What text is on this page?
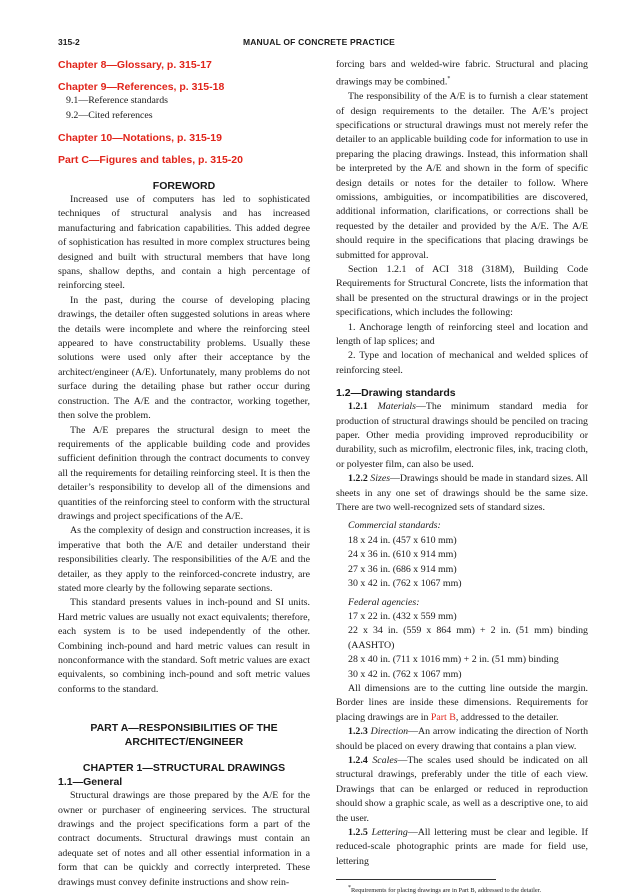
315-2	MANUAL OF CONCRETE PRACTICE
Chapter 8—Glossary, p. 315-17
Chapter 9—References, p. 315-18
9.1—Reference standards
9.2—Cited references
Chapter 10—Notations, p. 315-19
Part C—Figures and tables, p. 315-20
FOREWORD

Increased use of computers has led to sophisticated techniques of structural analysis and has increased manufacturing and fabrication capabilities. This added degree of sophistication has resulted in more complex structures being designed and built with structural members that have long spans, shallow depths, and contain a high percentage of reinforcing steel.

In the past, during the course of developing placing drawings, the detailer often suggested solutions in areas where the details were incomplete and where the reinforcing steel appeared to have constructability problems. Usually these solutions were used only after their acceptance by the architect/engineer (A/E). Unfortunately, many problems do not surface during the detailing phase but rather occur during construction. The A/E and the contractor, working together, then solve the problem.

The A/E prepares the structural design to meet the requirements of the applicable building code and provides sufficient definition through the contract documents to convey all the requirements for detailing reinforcing steel. It is then the detailer’s responsibility to develop all of the dimensions and quantities of the reinforcing steel to conform with the structural drawings and project specifications of the A/E.

As the complexity of design and construction increases, it is imperative that both the A/E and detailer understand their responsibilities clearly. The responsibilities of the A/E and the detailer, as they apply to the reinforced-concrete industry, are stated more clearly by the following separate sections.

This standard presents values in inch-pound and SI units. Hard metric values are usually not exact equivalents; therefore, each system is to be used independently of the other. Combining inch-pound and hard metric values can result in nonconformance with the standard. Soft metric values are exact equivalents, so combining inch-pound and soft metric values conforms to the standard.

PART A—RESPONSIBILITIES OF THE
ARCHITECT/ENGINEER
CHAPTER 1—STRUCTURAL DRAWINGS
1.1—General

Structural drawings are those prepared by the A/E for the owner or purchaser of engineering services. The structural drawings and the project specifications form a part of the contract documents. Structural drawings must contain an adequate set of notes and all other essential information in a form that can be quickly and correctly interpreted. These drawings must convey definite instructions and show rein-

forcing bars and welded-wire fabric. Structural and placing drawings may be combined.*

The responsibility of the A/E is to furnish a clear statement of design requirements to the detailer. The A/E’s project specifications or structural drawings must not merely refer the detailer to an applicable building code for information to use in preparing the placing drawings. Instead, this information shall be interpreted by the A/E and shown in the form of specific design details or notes for the detailer to follow. Where omissions, ambiguities, or incompatibilities are discovered, additional information, clarifications, or corrections shall be requested by the detailer and provided by the A/E. The A/E should require in the specifications that placing drawings be submitted for approval.

Section 1.2.1 of ACI 318 (318M), Building Code Requirements for Structural Concrete, lists the information that shall be presented on the structural drawings or in the project specifications, which includes the following:

1. Anchorage length of reinforcing steel and location and length of lap splices; and

2. Type and location of mechanical and welded splices of reinforcing steel.

1.2—Drawing standards

1.2.1 Materials—The minimum standard media for production of structural drawings should be penciled on tracing paper. Other media providing improved reproducibility or durability, such as microfilm, electronic files, ink, tracing cloth, or polyester film, can also be used.

1.2.2 Sizes—Drawings should be made in standard sizes. All sheets in any one set of drawings should be the same size. There are two well-recognized sets of standard sizes.

Commercial standards:
18 x 24 in. (457 x 610 mm)
24 x 36 in. (610 x 914 mm)
27 x 36 in. (686 x 914 mm)
30 x 42 in. (762 x 1067 mm)
Federal agencies:
17 x 22 in. (432 x 559 mm)
22 x 34 in. (559 x 864 mm) + 2 in. (51 mm) binding (AASHTO)
28 x 40 in. (711 x 1016 mm) + 2 in. (51 mm) binding
30 x 42 in. (762 x 1067 mm)

All dimensions are to the cutting line outside the margin. Border lines are inside these dimensions. Requirements for placing drawings are in Part B, addressed to the detailer.

1.2.3 Direction—An arrow indicating the direction of North should be placed on every drawing that contains a plan view.

1.2.4 Scales—The scales used should be indicated on all structural drawings, preferably under the title of each view. Drawings that can be enlarged or reduced in reproduction should show a graphic scale, as well as a descriptive one, to aid the user.

1.2.5 Lettering—All lettering must be clear and legible. If reduced-scale photographic prints are made for field use, lettering

*Requirements for placing drawings are in Part B, addressed to the detailer.
